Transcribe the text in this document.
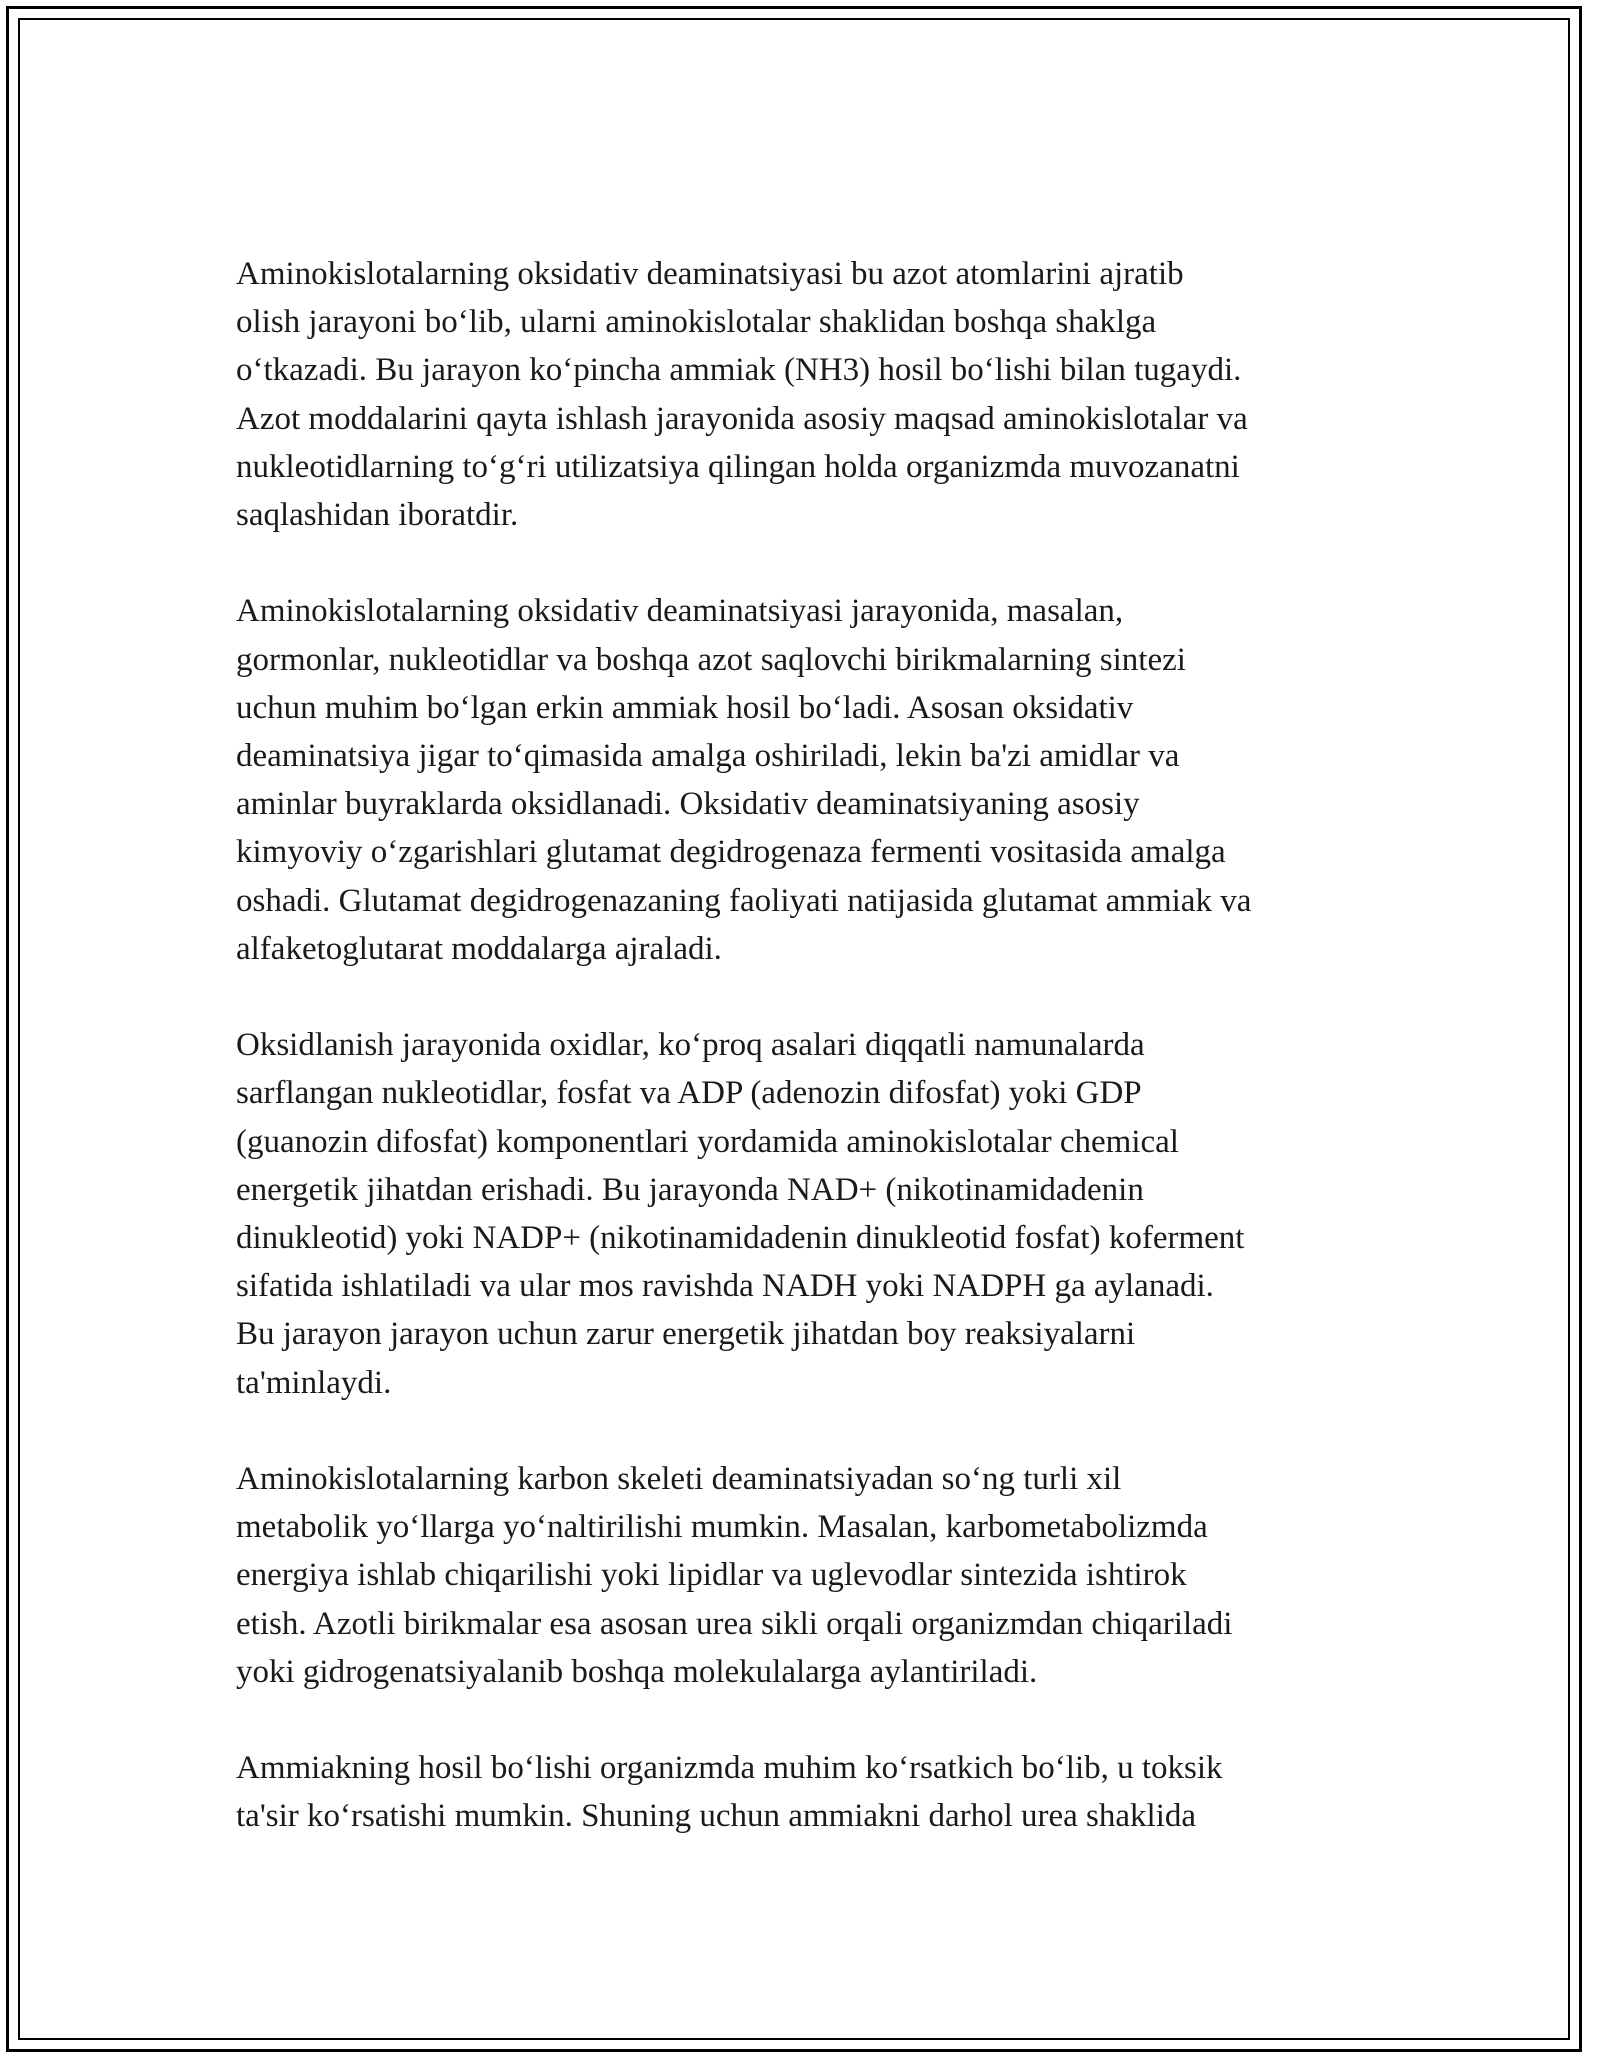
Aminokislotalarning oksidativ deaminatsiyasi bu azot atomlarini ajratib
olish jarayoni boʻlib, ularni aminokislotalar shaklidan boshqa shaklga
oʻtkazadi. Bu jarayon koʻpincha ammiak (NH3) hosil boʻlishi bilan tugaydi.
Azot moddalarini qayta ishlash jarayonida asosiy maqsad aminokislotalar va
nukleotidlarning toʻgʻri utilizatsiya qilingan holda organizmda muvozanatni
saqlashidan iboratdir.

Aminokislotalarning oksidativ deaminatsiyasi jarayonida, masalan,
gormonlar, nukleotidlar va boshqa azot saqlovchi birikmalarning sintezi
uchun muhim boʻlgan erkin ammiak hosil boʻladi. Asosan oksidativ
deaminatsiya jigar toʻqimasida amalga oshiriladi, lekin ba'zi amidlar va
aminlar buyraklarda oksidlanadi. Oksidativ deaminatsiyaning asosiy
kimyoviy oʻzgarishlari glutamat degidrogenaza fermenti vositasida amalga
oshadi. Glutamat degidrogenazaning faoliyati natijasida glutamat ammiak va
alfaketoglutarat moddalarga ajraladi.

Oksidlanish jarayonida oxidlar, koʻproq asalari diqqatli namunalarda
sarflangan nukleotidlar, fosfat va ADP (adenozin difosfat) yoki GDP
(guanozin difosfat) komponentlari yordamida aminokislotalar chemical
energetik jihatdan erishadi. Bu jarayonda NAD+ (nikotinamidadenin
dinukleotid) yoki NADP+ (nikotinamidadenin dinukleotid fosfat) koferment
sifatida ishlatiladi va ular mos ravishda NADH yoki NADPH ga aylanadi.
Bu jarayon jarayon uchun zarur energetik jihatdan boy reaksiyalarni
ta'minlaydi.

Aminokislotalarning karbon skeleti deaminatsiyadan soʻng turli xil
metabolik yoʻllarga yoʻnaltirilishi mumkin. Masalan, karbometabolizmda
energiya ishlab chiqarilishi yoki lipidlar va uglevodlar sintezida ishtirok
etish. Azotli birikmalar esa asosan urea sikli orqali organizmdan chiqariladi
yoki gidrogenatsiyalanib boshqa molekulalarga aylantiriladi.

Ammiakning hosil boʻlishi organizmda muhim koʻrsatkich boʻlib, u toksik
ta'sir koʻrsatishi mumkin. Shuning uchun ammiakni darhol urea shaklida
